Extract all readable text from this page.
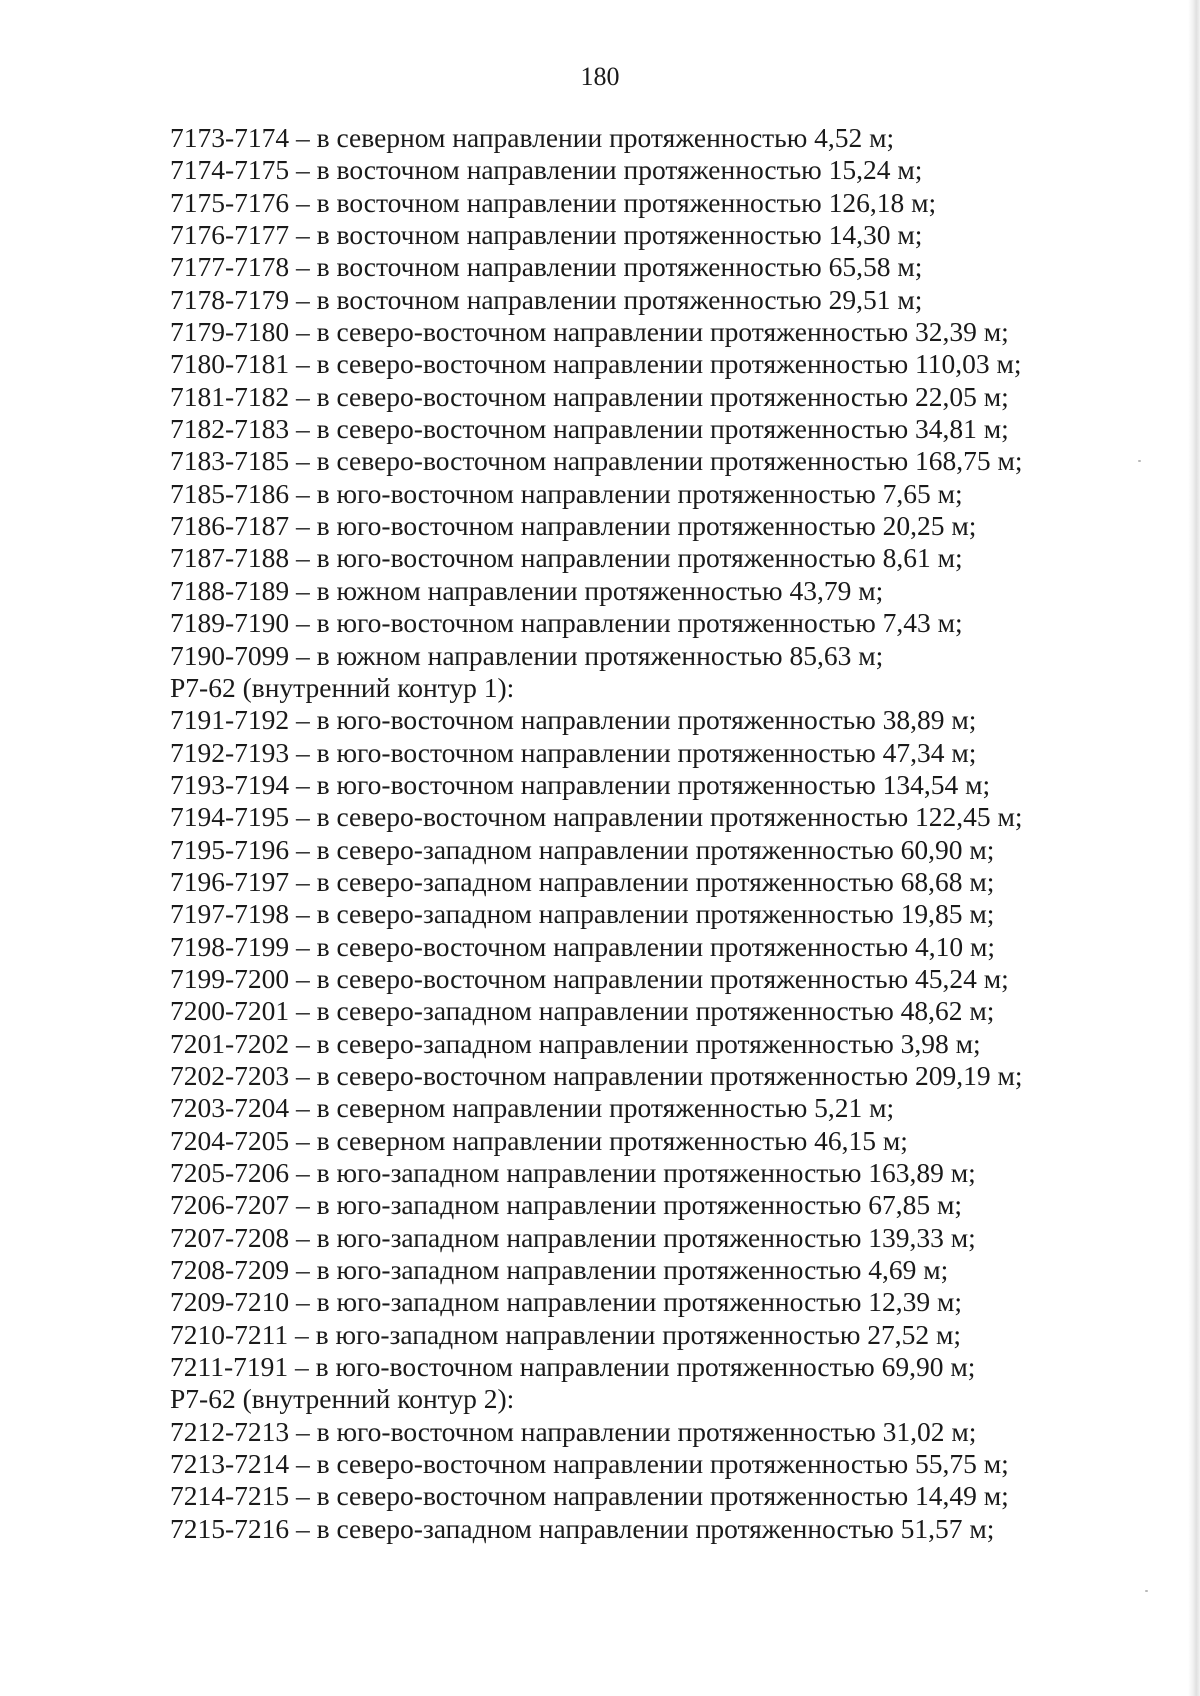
180
7173-7174 – в северном направлении протяженностью 4,52 м;
7174-7175 – в восточном направлении протяженностью 15,24 м;
7175-7176 – в восточном направлении протяженностью 126,18 м;
7176-7177 – в восточном направлении протяженностью 14,30 м;
7177-7178 – в восточном направлении протяженностью 65,58 м;
7178-7179 – в восточном направлении протяженностью 29,51 м;
7179-7180 – в северо-восточном направлении протяженностью 32,39 м;
7180-7181 – в северо-восточном направлении протяженностью 110,03 м;
7181-7182 – в северо-восточном направлении протяженностью 22,05 м;
7182-7183 – в северо-восточном направлении протяженностью 34,81 м;
7183-7185 – в северо-восточном направлении протяженностью 168,75 м;
7185-7186 – в юго-восточном направлении протяженностью 7,65 м;
7186-7187 – в юго-восточном направлении протяженностью 20,25 м;
7187-7188 – в юго-восточном направлении протяженностью 8,61 м;
7188-7189 – в южном направлении протяженностью 43,79 м;
7189-7190 – в юго-восточном направлении протяженностью 7,43 м;
7190-7099 – в южном направлении протяженностью 85,63 м;
Р7-62 (внутренний контур 1):
7191-7192 – в юго-восточном направлении протяженностью 38,89 м;
7192-7193 – в юго-восточном направлении протяженностью 47,34 м;
7193-7194 – в юго-восточном направлении протяженностью 134,54 м;
7194-7195 – в северо-восточном направлении протяженностью 122,45 м;
7195-7196 – в северо-западном направлении протяженностью 60,90 м;
7196-7197 – в северо-западном направлении протяженностью 68,68 м;
7197-7198 – в северо-западном направлении протяженностью 19,85 м;
7198-7199 – в северо-восточном направлении протяженностью 4,10 м;
7199-7200 – в северо-восточном направлении протяженностью 45,24 м;
7200-7201 – в северо-западном направлении протяженностью 48,62 м;
7201-7202 – в северо-западном направлении протяженностью 3,98 м;
7202-7203 – в северо-восточном направлении протяженностью 209,19 м;
7203-7204 – в северном направлении протяженностью 5,21 м;
7204-7205 – в северном направлении протяженностью 46,15 м;
7205-7206 – в юго-западном направлении протяженностью 163,89 м;
7206-7207 – в юго-западном направлении протяженностью 67,85 м;
7207-7208 – в юго-западном направлении протяженностью 139,33 м;
7208-7209 – в юго-западном направлении протяженностью 4,69 м;
7209-7210 – в юго-западном направлении протяженностью 12,39 м;
7210-7211 – в юго-западном направлении протяженностью 27,52 м;
7211-7191 – в юго-восточном направлении протяженностью 69,90 м;
Р7-62 (внутренний контур 2):
7212-7213 – в юго-восточном направлении протяженностью 31,02 м;
7213-7214 – в северо-восточном направлении протяженностью 55,75 м;
7214-7215 – в северо-восточном направлении протяженностью 14,49 м;
7215-7216 – в северо-западном направлении протяженностью 51,57 м;
